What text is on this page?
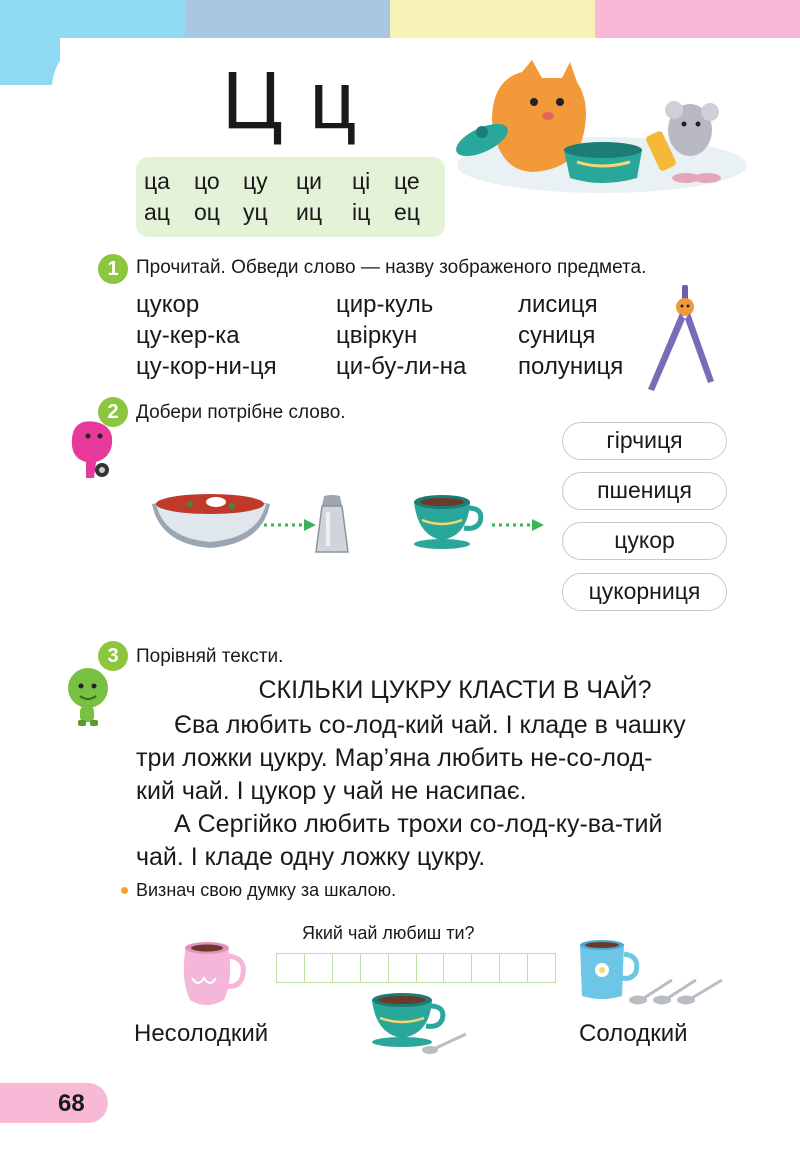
Ц ц
ца цо цу ци ці це
ац оц уц иц іц ец
1 Прочитай. Обведи слово — назву зображеного предмета.
цукор
цу-кер-ка
цу-кор-ни-ця
цир-куль
цвіркун
ци-бу-ли-на
лисиця
суниця
полуниця
2 Добери потрібне слово.
гірчиця
пшениця
цукор
цукорниця
3 Порівняй тексти.
СКІЛЬКИ ЦУКРУ КЛАСТИ В ЧАЙ?
Єва любить со-лод-кий чай. І кладе в чашку
три ложки цукру. Мар’яна любить не-со-лод-
кий чай. І цукор у чай не насипає.
А Сергійко любить трохи со-лод-ку-ва-тий
чай. І кладе одну ложку цукру.
Визнач свою думку за шкалою.
Який чай любиш ти?
Несолодкий	Солодкий
68
